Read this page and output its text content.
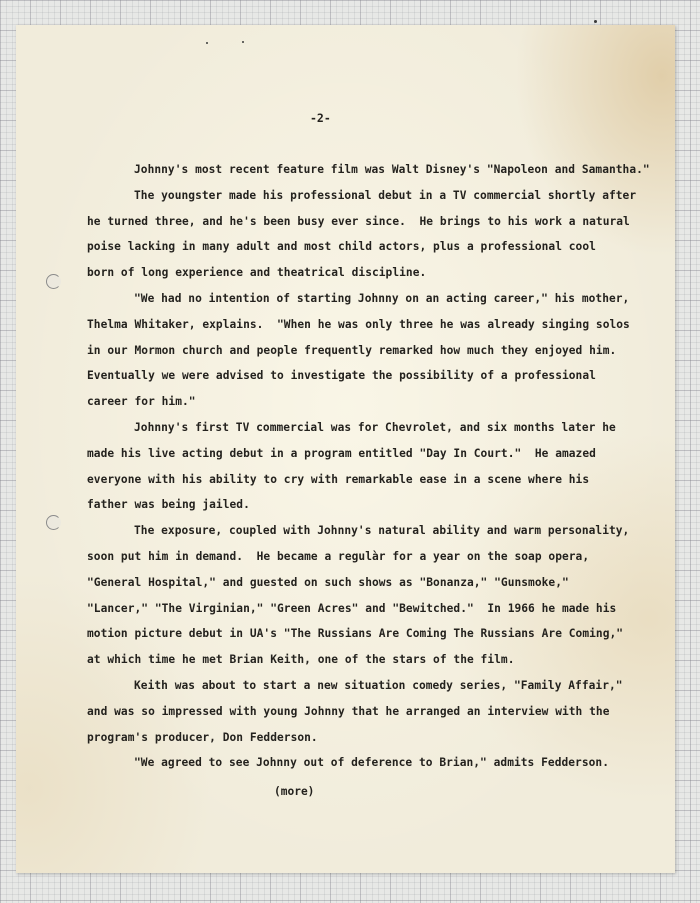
-2-
Johnny's most recent feature film was Walt Disney's "Napoleon and Samantha."
The youngster made his professional debut in a TV commercial shortly after
he turned three, and he's been busy ever since.  He brings to his work a natural
poise lacking in many adult and most child actors, plus a professional cool
born of long experience and theatrical discipline.
"We had no intention of starting Johnny on an acting career," his mother,
Thelma Whitaker, explains.  "When he was only three he was already singing solos
in our Mormon church and people frequently remarked how much they enjoyed him.
Eventually we were advised to investigate the possibility of a professional
career for him."
Johnny's first TV commercial was for Chevrolet, and six months later he
made his live acting debut in a program entitled "Day In Court."  He amazed
everyone with his ability to cry with remarkable ease in a scene where his
father was being jailed.
The exposure, coupled with Johnny's natural ability and warm personality,
soon put him in demand.  He became a regulàr for a year on the soap opera,
"General Hospital," and guested on such shows as "Bonanza," "Gunsmoke,"
"Lancer," "The Virginian," "Green Acres" and "Bewitched."  In 1966 he made his
motion picture debut in UA's "The Russians Are Coming The Russians Are Coming,"
at which time he met Brian Keith, one of the stars of the film.
Keith was about to start a new situation comedy series, "Family Affair,"
and was so impressed with young Johnny that he arranged an interview with the
program's producer, Don Fedderson.
"We agreed to see Johnny out of deference to Brian," admits Fedderson.
(more)
